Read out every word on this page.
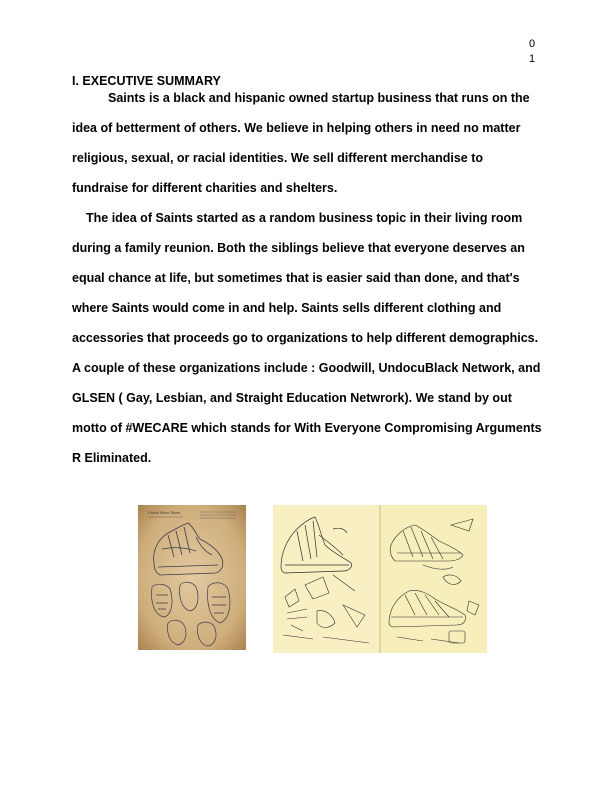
01
I. EXECUTIVE SUMMARY

Saints is a black and hispanic owned startup business that runs on the idea of betterment of others. We believe in helping others in need no matter religious, sexual, or racial identities. We sell different merchandise to fundraise for different charities and shelters.

The idea of Saints started as a random business topic in their living room during a family reunion. Both the siblings believe that everyone deserves an equal chance at life, but sometimes that is easier said than done, and that's where Saints would come in and help. Saints sells different clothing and accessories that proceeds go to organizations to help different demographics. A couple of these organizations include : Goodwill, UndocuBlack Network, and GLSEN ( Gay, Lesbian, and Straight Education Netwrork). We stand by out motto of #WECARE which stands for With Everyone Compromising Arguments R Eliminated.

United States Patent
